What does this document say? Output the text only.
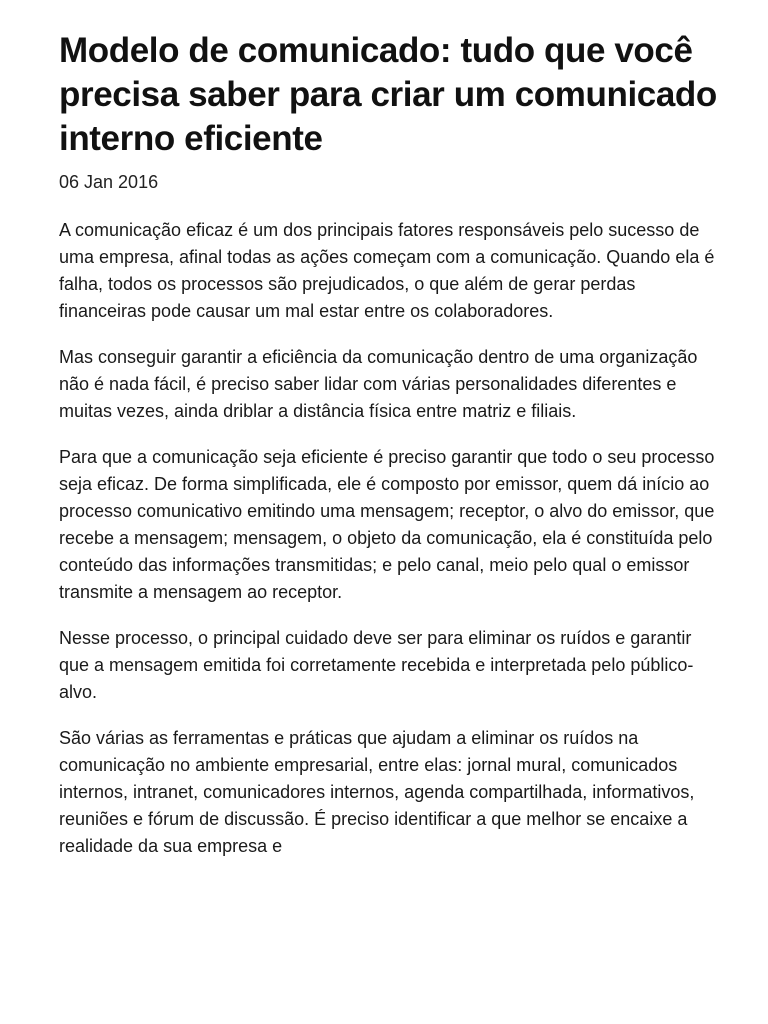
Modelo de comunicado: tudo que você precisa saber para criar um comunicado interno eficiente
06 Jan 2016

A comunicação eficaz é um dos principais fatores responsáveis pelo sucesso de uma empresa, afinal todas as ações começam com a comunicação. Quando ela é falha, todos os processos são prejudicados, o que além de gerar perdas financeiras pode causar um mal estar entre os colaboradores.

Mas conseguir garantir a eficiência da comunicação dentro de uma organização não é nada fácil, é preciso saber lidar com várias personalidades diferentes e muitas vezes, ainda driblar a distância física entre matriz e filiais.

Para que a comunicação seja eficiente é preciso garantir que todo o seu processo seja eficaz. De forma simplificada, ele é composto por emissor, quem dá início ao processo comunicativo emitindo uma mensagem; receptor, o alvo do emissor, que recebe a mensagem; mensagem, o objeto da comunicação, ela é constituída pelo conteúdo das informações transmitidas; e pelo canal, meio pelo qual o emissor transmite a mensagem ao receptor.

Nesse processo, o principal cuidado deve ser para eliminar os ruídos e garantir que a mensagem emitida foi corretamente recebida e interpretada pelo público-alvo.

São várias as ferramentas e práticas que ajudam a eliminar os ruídos na comunicação no ambiente empresarial, entre elas: jornal mural, comunicados internos, intranet, comunicadores internos, agenda compartilhada, informativos, reuniões e fórum de discussão. É preciso identificar a que melhor se encaixe a realidade da sua empresa e
